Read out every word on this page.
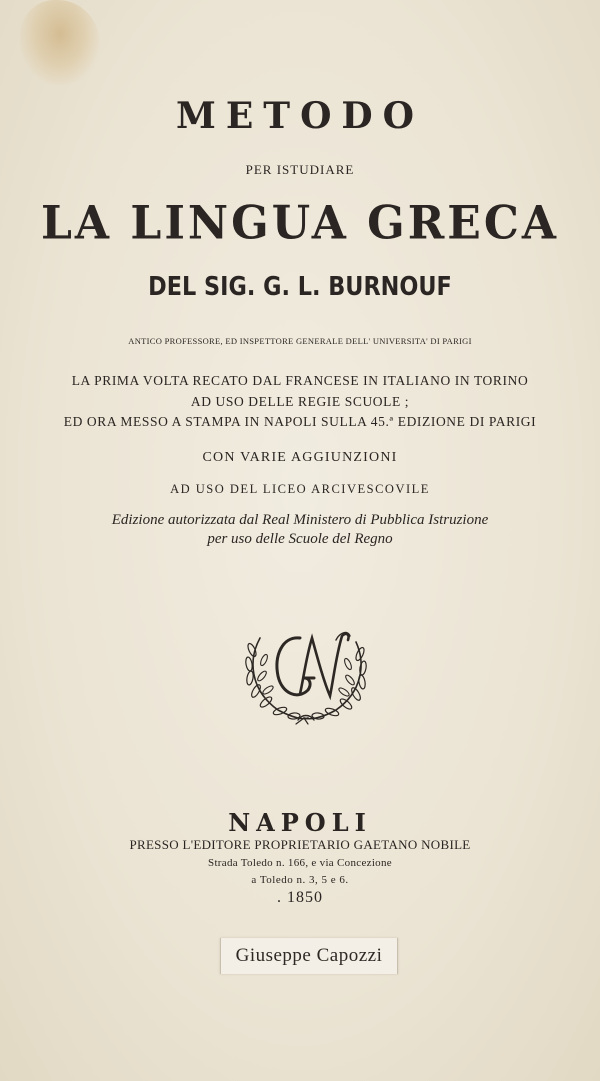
METODO
PER ISTUDIARE
LA LINGUA GRECA
DEL SIG. G. L. BURNOUF
ANTICO PROFESSORE, ED INSPETTORE GENERALE DELL' UNIVERSITA' DI PARIGI
LA PRIMA VOLTA RECATO DAL FRANCESE IN ITALIANO IN TORINO
AD USO DELLE REGIE SCUOLE ;
ED ORA MESSO A STAMPA IN NAPOLI SULLA 45.ª EDIZIONE DI PARIGI
CON VARIE AGGIUNZIONI
AD USO DEL LICEO ARCIVESCOVILE
Edizione autorizzata dal Real Ministero di Pubblica Istruzione
per uso delle Scuole del Regno
NAPOLI
PRESSO L'EDITORE PROPRIETARIO GAETANO NOBILE
Strada Toledo n. 166, e via Concezione
a Toledo n. 3, 5 e 6.
. 1850
Giuseppe Capozzi
